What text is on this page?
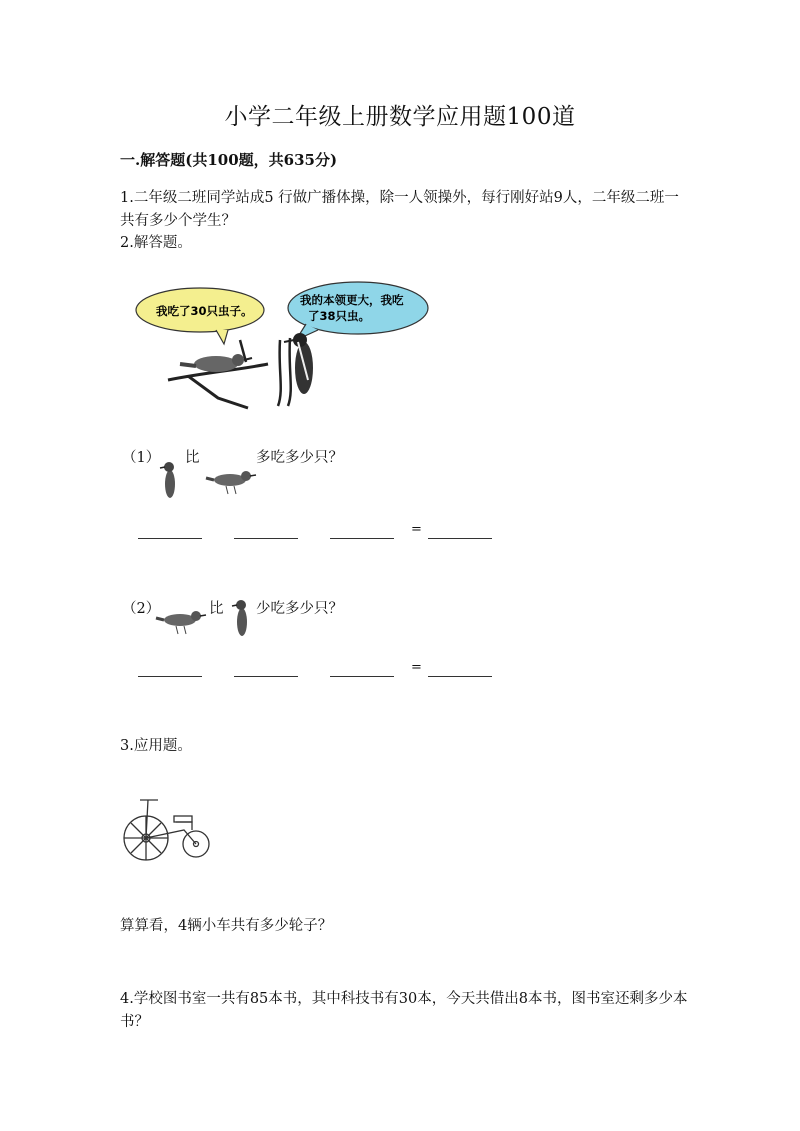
小学二年级上册数学应用题100道
一.解答题(共100题，共635分)
1.二年级二班同学站成5 行做广播体操，除一人领操外，每行刚好站9人，二年级二班一共有多少个学生？
2.解答题。
我吃了30只虫子。
我的本领更大，我吃
了38只虫。
（1） 比	多吃多少只？
=
（2）	比 少吃多少只？
=
3.应用题。
算算看，4辆小车共有多少轮子？
4.学校图书室一共有85本书，其中科技书有30本，今天共借出8本书，图书室还剩多少本书？
